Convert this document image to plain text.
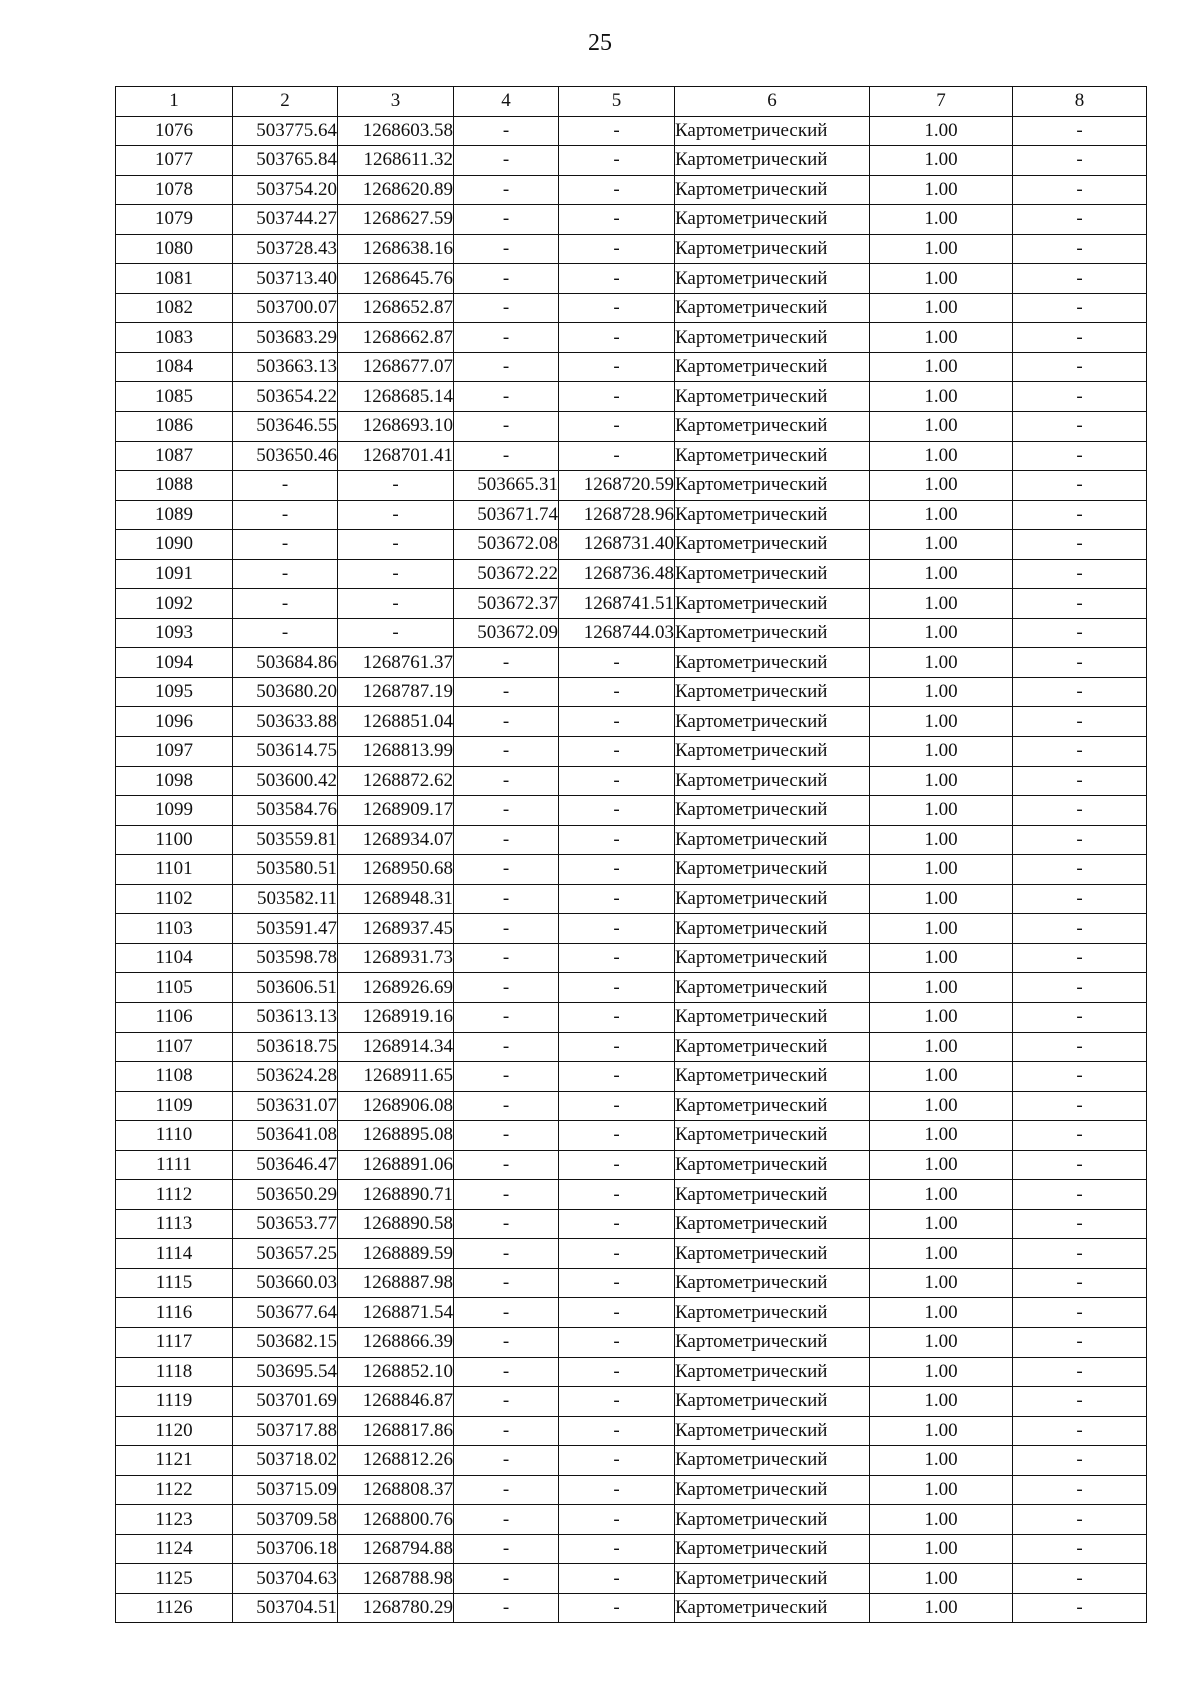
25
1	2	3	4	5	6	7	8
1076	503775.64	1268603.58	-	-	Картометрический	1.00	-
1077	503765.84	1268611.32	-	-	Картометрический	1.00	-
1078	503754.20	1268620.89	-	-	Картометрический	1.00	-
1079	503744.27	1268627.59	-	-	Картометрический	1.00	-
1080	503728.43	1268638.16	-	-	Картометрический	1.00	-
1081	503713.40	1268645.76	-	-	Картометрический	1.00	-
1082	503700.07	1268652.87	-	-	Картометрический	1.00	-
1083	503683.29	1268662.87	-	-	Картометрический	1.00	-
1084	503663.13	1268677.07	-	-	Картометрический	1.00	-
1085	503654.22	1268685.14	-	-	Картометрический	1.00	-
1086	503646.55	1268693.10	-	-	Картометрический	1.00	-
1087	503650.46	1268701.41	-	-	Картометрический	1.00	-
1088	-	-	503665.31	1268720.59	Картометрический	1.00	-
1089	-	-	503671.74	1268728.96	Картометрический	1.00	-
1090	-	-	503672.08	1268731.40	Картометрический	1.00	-
1091	-	-	503672.22	1268736.48	Картометрический	1.00	-
1092	-	-	503672.37	1268741.51	Картометрический	1.00	-
1093	-	-	503672.09	1268744.03	Картометрический	1.00	-
1094	503684.86	1268761.37	-	-	Картометрический	1.00	-
1095	503680.20	1268787.19	-	-	Картометрический	1.00	-
1096	503633.88	1268851.04	-	-	Картометрический	1.00	-
1097	503614.75	1268813.99	-	-	Картометрический	1.00	-
1098	503600.42	1268872.62	-	-	Картометрический	1.00	-
1099	503584.76	1268909.17	-	-	Картометрический	1.00	-
1100	503559.81	1268934.07	-	-	Картометрический	1.00	-
1101	503580.51	1268950.68	-	-	Картометрический	1.00	-
1102	503582.11	1268948.31	-	-	Картометрический	1.00	-
1103	503591.47	1268937.45	-	-	Картометрический	1.00	-
1104	503598.78	1268931.73	-	-	Картометрический	1.00	-
1105	503606.51	1268926.69	-	-	Картометрический	1.00	-
1106	503613.13	1268919.16	-	-	Картометрический	1.00	-
1107	503618.75	1268914.34	-	-	Картометрический	1.00	-
1108	503624.28	1268911.65	-	-	Картометрический	1.00	-
1109	503631.07	1268906.08	-	-	Картометрический	1.00	-
1110	503641.08	1268895.08	-	-	Картометрический	1.00	-
1111	503646.47	1268891.06	-	-	Картометрический	1.00	-
1112	503650.29	1268890.71	-	-	Картометрический	1.00	-
1113	503653.77	1268890.58	-	-	Картометрический	1.00	-
1114	503657.25	1268889.59	-	-	Картометрический	1.00	-
1115	503660.03	1268887.98	-	-	Картометрический	1.00	-
1116	503677.64	1268871.54	-	-	Картометрический	1.00	-
1117	503682.15	1268866.39	-	-	Картометрический	1.00	-
1118	503695.54	1268852.10	-	-	Картометрический	1.00	-
1119	503701.69	1268846.87	-	-	Картометрический	1.00	-
1120	503717.88	1268817.86	-	-	Картометрический	1.00	-
1121	503718.02	1268812.26	-	-	Картометрический	1.00	-
1122	503715.09	1268808.37	-	-	Картометрический	1.00	-
1123	503709.58	1268800.76	-	-	Картометрический	1.00	-
1124	503706.18	1268794.88	-	-	Картометрический	1.00	-
1125	503704.63	1268788.98	-	-	Картометрический	1.00	-
1126	503704.51	1268780.29	-	-	Картометрический	1.00	-
